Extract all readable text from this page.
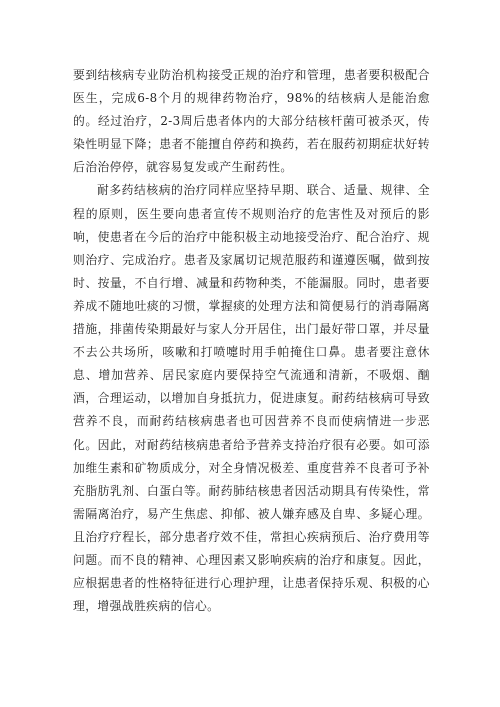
要到结核病专业防治机构接受正规的治疗和管理，患者要积极配合医生，完成6-8个月的规律药物治疗，98%的结核病人是能治愈的。经过治疗，2-3周后患者体内的大部分结核杆菌可被杀灭，传染性明显下降；患者不能擅自停药和换药，若在服药初期症状好转后治治停停，就容易复发或产生耐药性。

耐多药结核病的治疗同样应坚持早期、联合、适量、规律、全程的原则，医生要向患者宣传不规则治疗的危害性及对预后的影响，使患者在今后的治疗中能积极主动地接受治疗、配合治疗、规则治疗、完成治疗。患者及家属切记规范服药和谨遵医嘱，做到按时、按量，不自行增、减量和药物种类，不能漏服。同时，患者要养成不随地吐痰的习惯，掌握痰的处理方法和简便易行的消毒隔离措施，排菌传染期最好与家人分开居住，出门最好带口罩，并尽量不去公共场所，咳嗽和打喷嚏时用手帕掩住口鼻。患者要注意休息、增加营养、居民家庭内要保持空气流通和清新，不吸烟、酗酒，合理运动，以增加自身抵抗力，促进康复。耐药结核病可导致营养不良，而耐药结核病患者也可因营养不良而使病情进一步恶化。因此，对耐药结核病患者给予营养支持治疗很有必要。如可添加维生素和矿物质成分，对全身情况极差、重度营养不良者可予补充脂肪乳剂、白蛋白等。耐药肺结核患者因活动期具有传染性，常需隔离治疗，易产生焦虑、抑郁、被人嫌弃感及自卑、多疑心理。且治疗疗程长，部分患者疗效不佳，常担心疾病预后、治疗费用等问题。而不良的精神、心理因素又影响疾病的治疗和康复。因此，应根据患者的性格特征进行心理护理，让患者保持乐观、积极的心理，增强战胜疾病的信心。
